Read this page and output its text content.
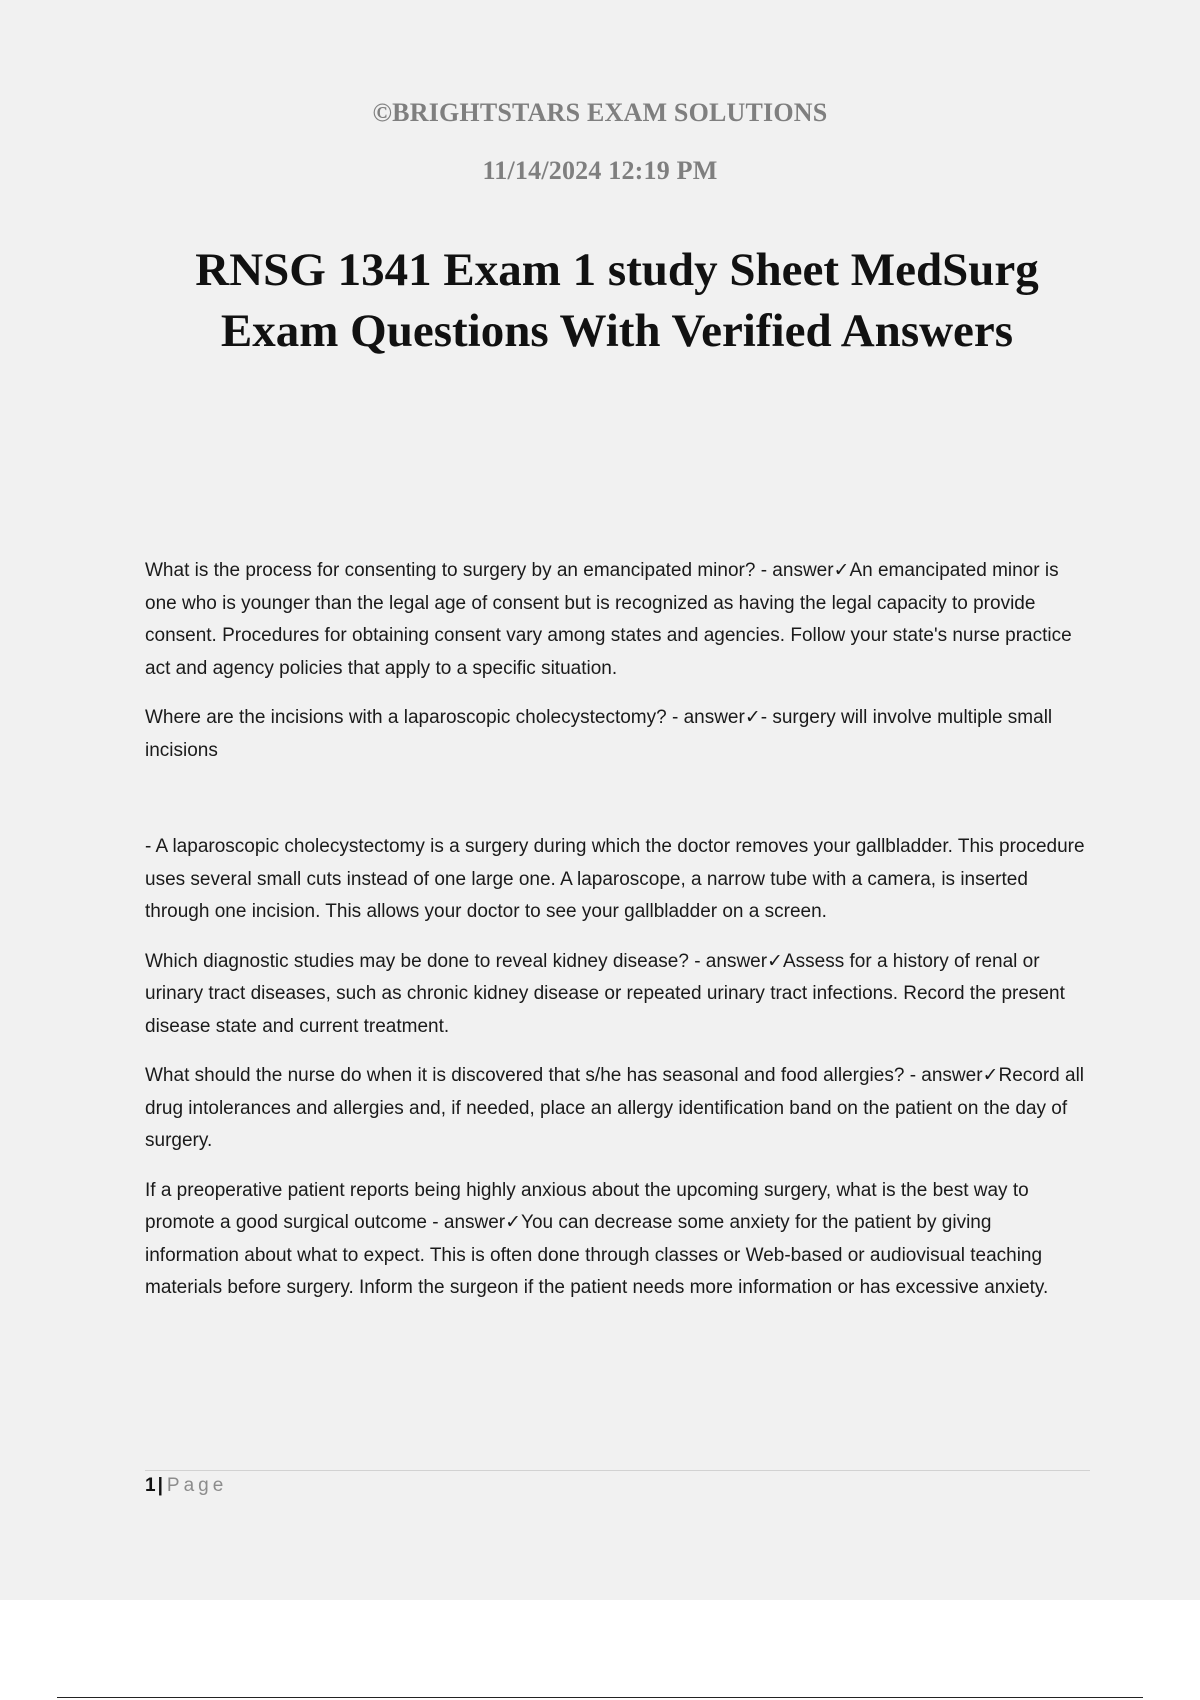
©BRIGHTSTARS EXAM SOLUTIONS
11/14/2024 12:19 PM
RNSG 1341 Exam 1 study Sheet MedSurg
Exam Questions With Verified Answers

What is the process for consenting to surgery by an emancipated minor? - answer✓An emancipated minor is one who is younger than the legal age of consent but is recognized as having the legal capacity to provide consent. Procedures for obtaining consent vary among states and agencies. Follow your state's nurse practice act and agency policies that apply to a specific situation.

Where are the incisions with a laparoscopic cholecystectomy? - answer✓- surgery will involve multiple small incisions

- A laparoscopic cholecystectomy is a surgery during which the doctor removes your gallbladder. This procedure uses several small cuts instead of one large one. A laparoscope, a narrow tube with a camera, is inserted through one incision. This allows your doctor to see your gallbladder on a screen.

Which diagnostic studies may be done to reveal kidney disease? - answer✓Assess for a history of renal or urinary tract diseases, such as chronic kidney disease or repeated urinary tract infections. Record the present disease state and current treatment.

What should the nurse do when it is discovered that s/he has seasonal and food allergies? - answer✓Record all drug intolerances and allergies and, if needed, place an allergy identification band on the patient on the day of surgery.

If a preoperative patient reports being highly anxious about the upcoming surgery, what is the best way to promote a good surgical outcome - answer✓You can decrease some anxiety for the patient by giving information about what to expect. This is often done through classes or Web-based or audiovisual teaching materials before surgery. Inform the surgeon if the patient needs more information or has excessive anxiety.

1 | Page
